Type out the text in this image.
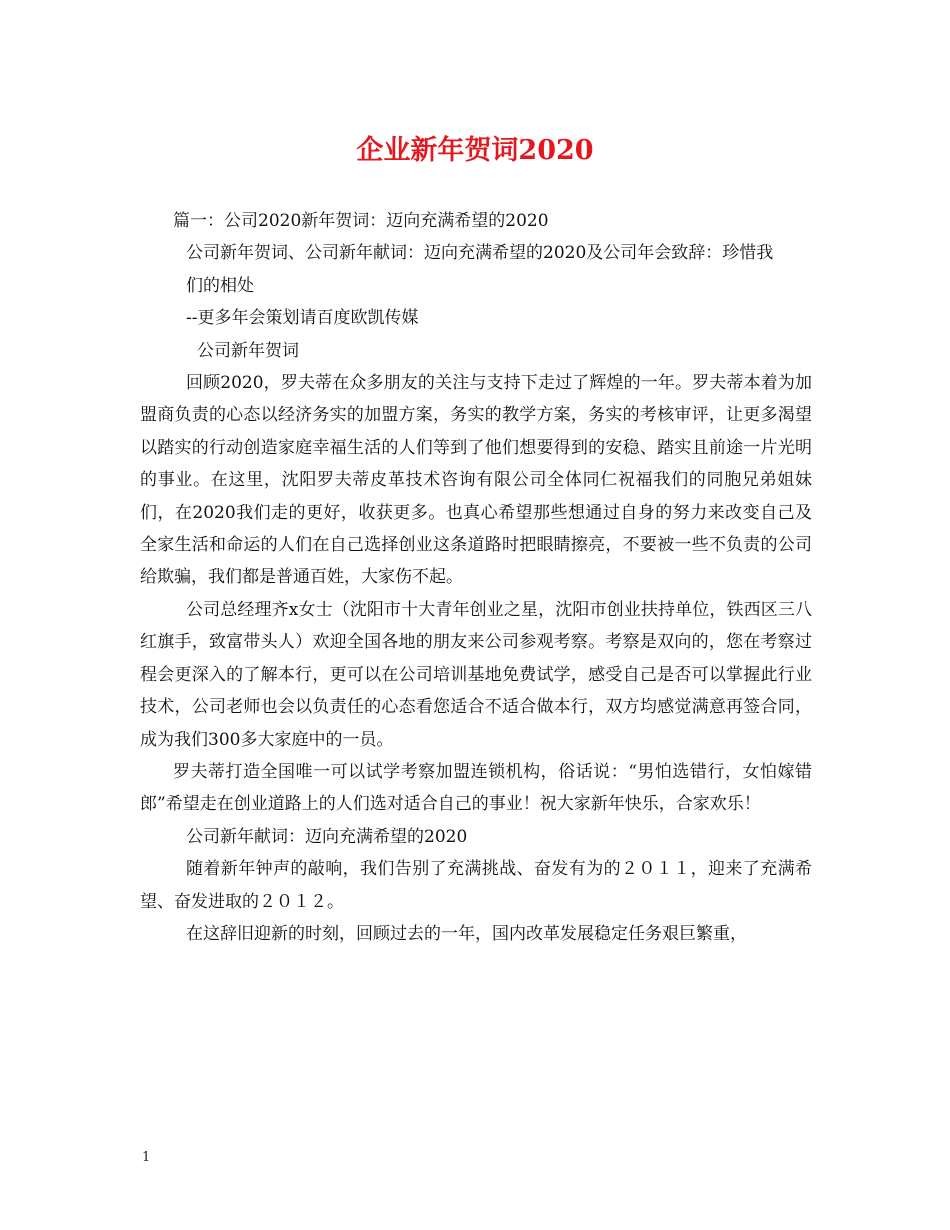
企业新年贺词2020

篇一：公司2020新年贺词：迈向充满希望的2020

公司新年贺词、公司新年献词：迈向充满希望的2020及公司年会致辞：珍惜我

们的相处

--更多年会策划请百度欧凯传媒

公司新年贺词

回顾2020，罗夫蒂在众多朋友的关注与支持下走过了辉煌的一年。罗夫蒂本着为加盟商负责的心态以经济务实的加盟方案，务实的教学方案，务实的考核审评，让更多渴望以踏实的行动创造家庭幸福生活的人们等到了他们想要得到的安稳、踏实且前途一片光明的事业。在这里，沈阳罗夫蒂皮革技术咨询有限公司全体同仁祝福我们的同胞兄弟姐妹们，在2020我们走的更好，收获更多。也真心希望那些想通过自身的努力来改变自己及全家生活和命运的人们在自己选择创业这条道路时把眼睛擦亮，不要被一些不负责的公司给欺骗，我们都是普通百姓，大家伤不起。

公司总经理齐x女士（沈阳市十大青年创业之星，沈阳市创业扶持单位，铁西区三八红旗手，致富带头人）欢迎全国各地的朋友来公司参观考察。考察是双向的，您在考察过程会更深入的了解本行，更可以在公司培训基地免费试学，感受自己是否可以掌握此行业技术，公司老师也会以负责任的心态看您适合不适合做本行，双方均感觉满意再签合同，成为我们300多大家庭中的一员。

罗夫蒂打造全国唯一可以试学考察加盟连锁机构，俗话说：“男怕选错行，女怕嫁错郎”希望走在创业道路上的人们选对适合自己的事业！祝大家新年快乐，合家欢乐！

公司新年献词：迈向充满希望的2020

随着新年钟声的敲响，我们告别了充满挑战、奋发有为的２０１１，迎来了充满希望、奋发进取的２０１２。

在这辞旧迎新的时刻，回顾过去的一年，国内改革发展稳定任务艰巨繁重，

1
